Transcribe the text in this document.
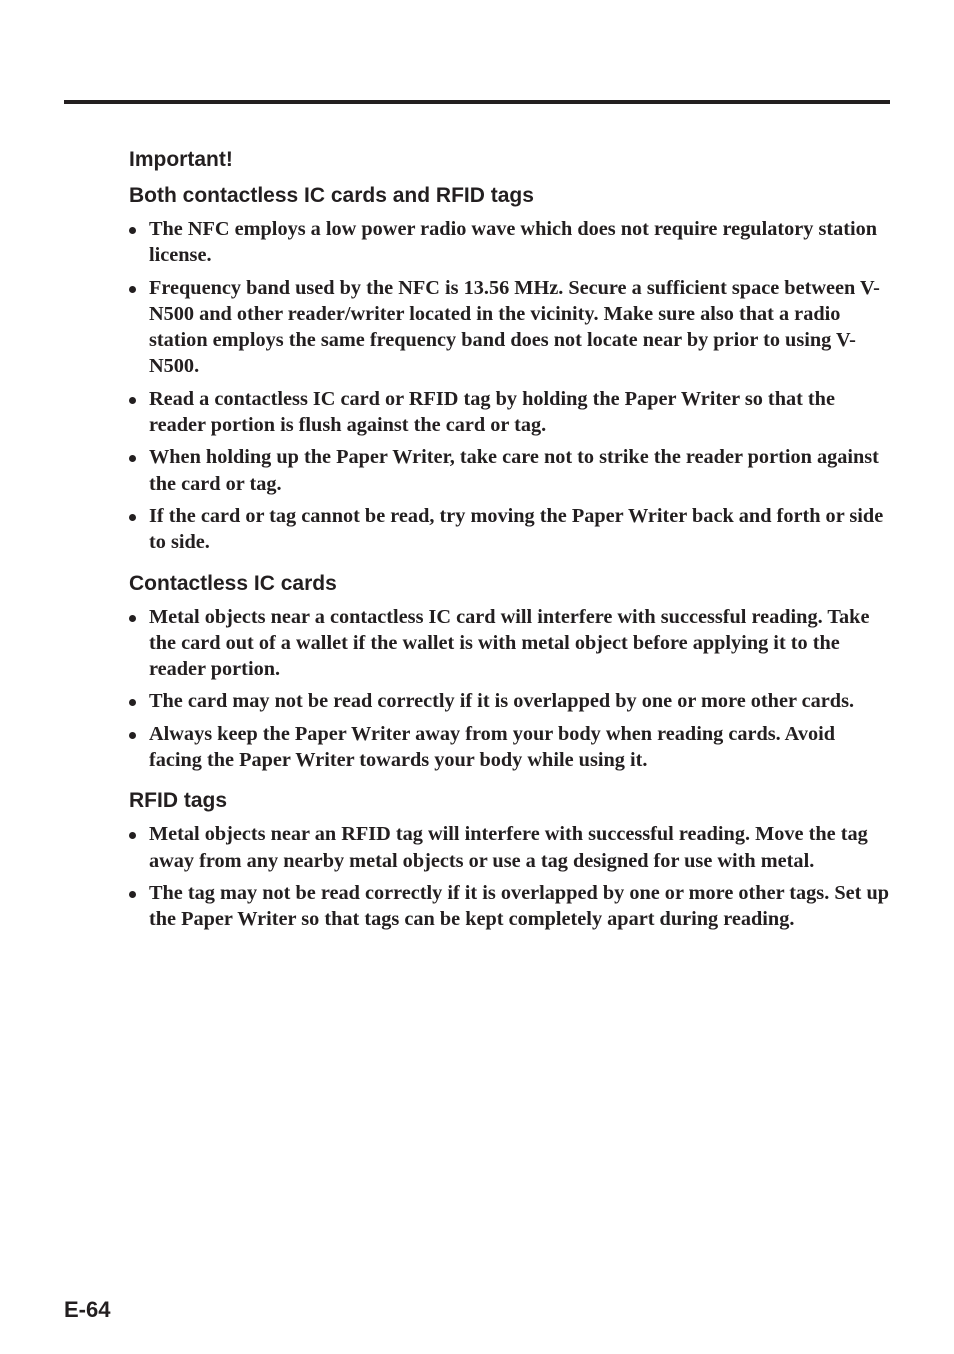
Important!
Both contactless IC cards and RFID tags
The NFC employs a low power radio wave which does not require regulatory station license.
Frequency band used by the NFC is 13.56 MHz. Secure a sufficient space between V-N500 and other reader/writer located in the vicinity. Make sure also that a radio station employs the same frequency band does not locate near by prior to using V-N500.
Read a contactless IC card or RFID tag by holding the Paper Writer so that the reader portion is flush against the card or tag.
When holding up the Paper Writer, take care not to strike the reader portion against the card or tag.
If the card or tag cannot be read, try moving the Paper Writer back and forth or side to side.
Contactless IC cards
Metal objects near a contactless IC card will interfere with successful reading. Take the card out of a wallet if the wallet is with metal object before applying it to the reader portion.
The card may not be read correctly if it is overlapped by one or more other cards.
Always keep the Paper Writer away from your body when reading cards. Avoid facing the Paper Writer towards your body while using it.
RFID tags
Metal objects near an RFID tag will interfere with successful reading. Move the tag away from any nearby metal objects or use a tag designed for use with metal.
The tag may not be read correctly if it is overlapped by one or more other tags. Set up the Paper Writer so that tags can be kept completely apart during reading.
E-64
